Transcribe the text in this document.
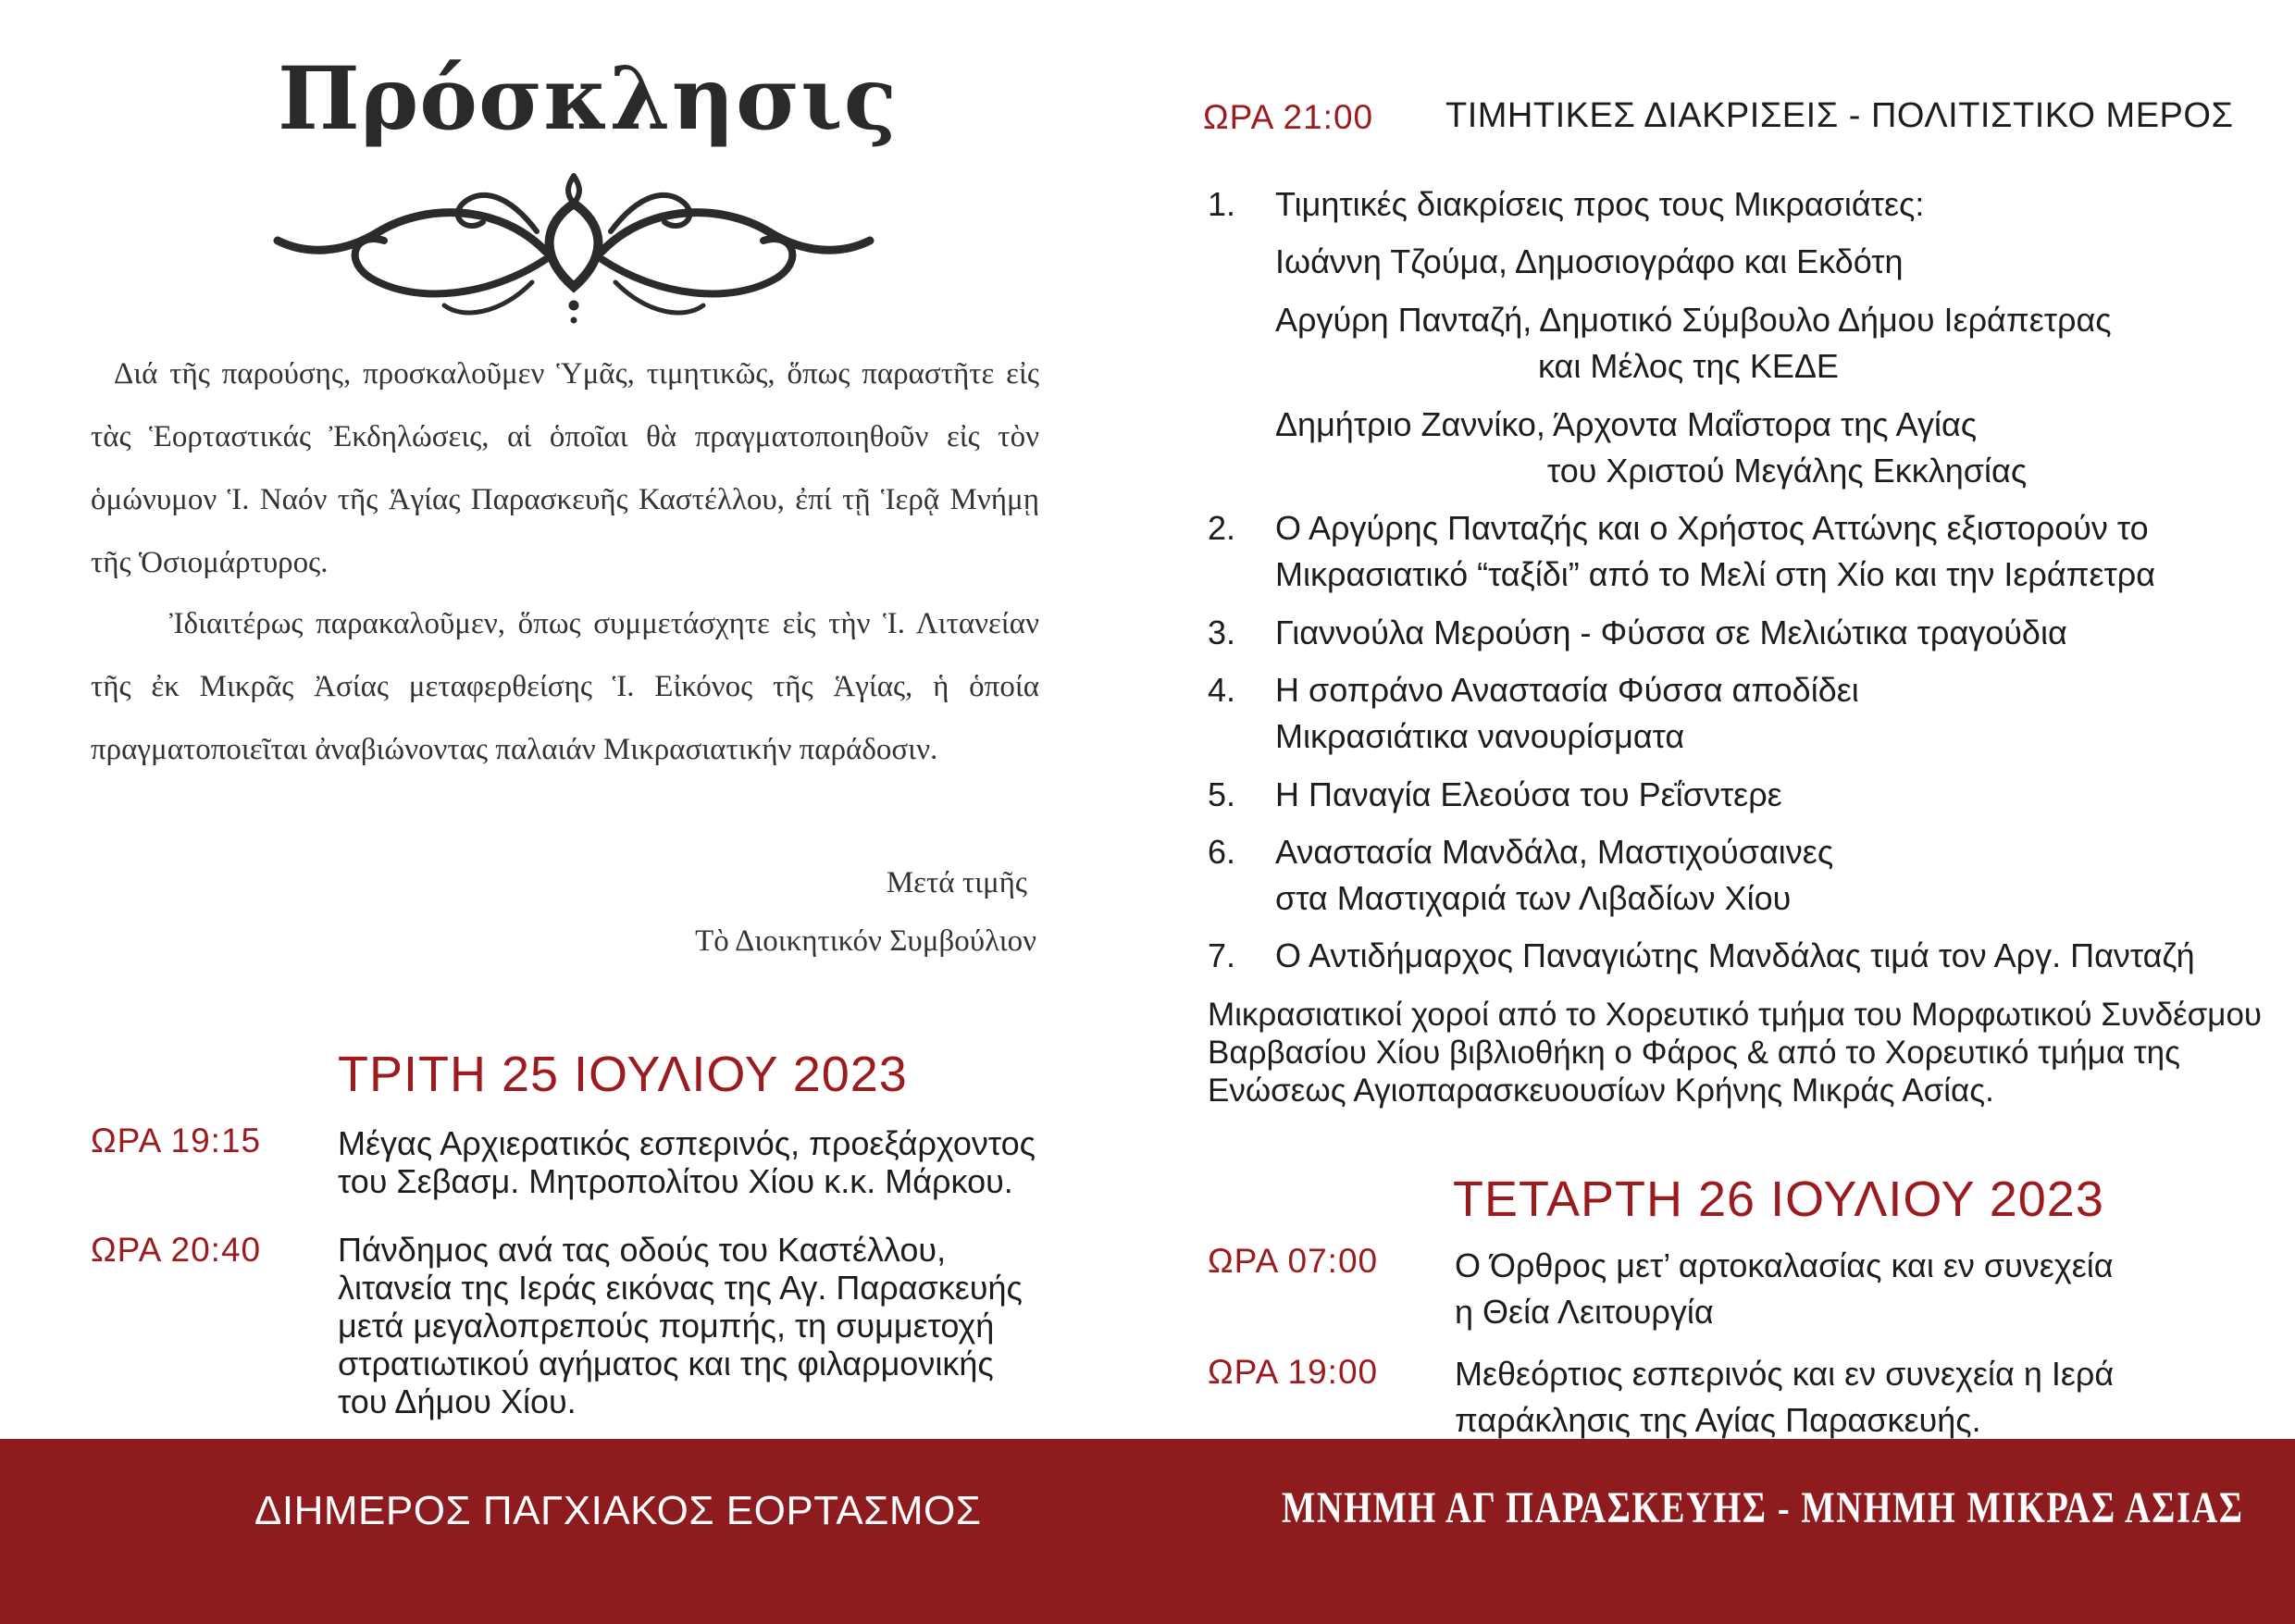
Πρόσκλησις
Διά τῆς παρούσης, προσκαλοῦμεν Ὑμᾶς, τιμητικῶς, ὅπως παραστῆτε εἰς τὰς Ἑορταστικάς Ἐκδηλώσεις, αἱ ὁποῖαι θὰ πραγματοποιηθοῦν εἰς τὸν ὁμώνυμον Ἱ. Ναόν τῆς Ἁγίας Παρασκευῆς Καστέλλου, ἐπί τῇ Ἱερᾷ Μνήμῃ τῆς Ὁσιομάρτυρος.
Ἰδιαιτέρως παρακαλοῦμεν, ὅπως συμμετάσχητε εἰς τὴν Ἱ. Λιτανείαν τῆς ἐκ Μικρᾶς Ἀσίας μεταφερθείσης Ἱ. Εἰκόνος τῆς Ἁγίας, ἡ ὁποία πραγματοποιεῖται ἀναβιώνοντας παλαιάν Μικρασιατικήν παράδοσιν.
Μετά τιμῆς
Τὸ Διοικητικόν Συμβούλιον
ΤΡΙΤΗ 25 ΙΟΥΛΙΟΥ 2023
ΩΡΑ 19:15 Μέγας Αρχιερατικός εσπερινός, προεξάρχοντος
του Σεβασμ. Μητροπολίτου Χίου κ.κ. Μάρκου.
ΩΡΑ 20:40 Πάνδημος ανά τας οδούς του Καστέλλου,
λιτανεία της Ιεράς εικόνας της Αγ. Παρασκευής
μετά μεγαλοπρεπούς πομπής, τη συμμετοχή
στρατιωτικού αγήματος και της φιλαρμονικής
του Δήμου Χίου.
ΩΡΑ 21:00 ΤΙΜΗΤΙΚΕΣ ΔΙΑΚΡΙΣΕΙΣ - ΠΟΛΙΤΙΣΤΙΚΟ ΜΕΡΟΣ
1. Τιμητικές διακρίσεις προς τους Μικρασιάτες:
Ιωάννη Τζούμα, Δημοσιογράφο και Εκδότη
Αργύρη Πανταζή, Δημοτικό Σύμβουλο Δήμου Ιεράπετρας
και Μέλος της ΚΕΔΕ
Δημήτριο Ζαννίκο, Άρχοντα Μαΐστορα της Αγίας
του Χριστού Μεγάλης Εκκλησίας
2. Ο Αργύρης Πανταζής και ο Χρήστος Αττώνης εξιστορούν το
Μικρασιατικό “ταξίδι” από το Μελί στη Χίο και την Ιεράπετρα
3. Γιαννούλα Μερούση - Φύσσα σε Μελιώτικα τραγούδια
4. Η σοπράνο Αναστασία Φύσσα αποδίδει
Μικρασιάτικα νανουρίσματα
5. Η Παναγία Ελεούσα του Ρεΐσντερε
6. Αναστασία Μανδάλα, Μαστιχούσαινες
στα Μαστιχαριά των Λιβαδίων Χίου
7. Ο Αντιδήμαρχος Παναγιώτης Μανδάλας τιμά τον Αργ. Πανταζή
Μικρασιατικοί χοροί από το Χορευτικό τμήμα του Μορφωτικού Συνδέσμου Βαρβασίου Χίου βιβλιοθήκη ο Φάρος & από το Χορευτικό τμήμα της Ενώσεως Αγιοπαρασκευουσίων Κρήνης Μικράς Ασίας.
ΤΕΤΑΡΤΗ 26 ΙΟΥΛΙΟΥ 2023
ΩΡΑ 07:00 Ο Όρθρος μετ’ αρτοκαλασίας και εν συνεχεία
η Θεία Λειτουργία
ΩΡΑ 19:00 Μεθεόρτιος εσπερινός και εν συνεχεία η Ιερά
παράκλησις της Αγίας Παρασκευής.
ΔΙΗΜΕΡΟΣ ΠΑΓΧΙΑΚΟΣ ΕΟΡΤΑΣΜΟΣ	ΜΝΗΜΗ ΑΓ ΠΑΡΑΣΚΕΥΗΣ - ΜΝΗΜΗ ΜΙΚΡΑΣ ΑΣΙΑΣ
